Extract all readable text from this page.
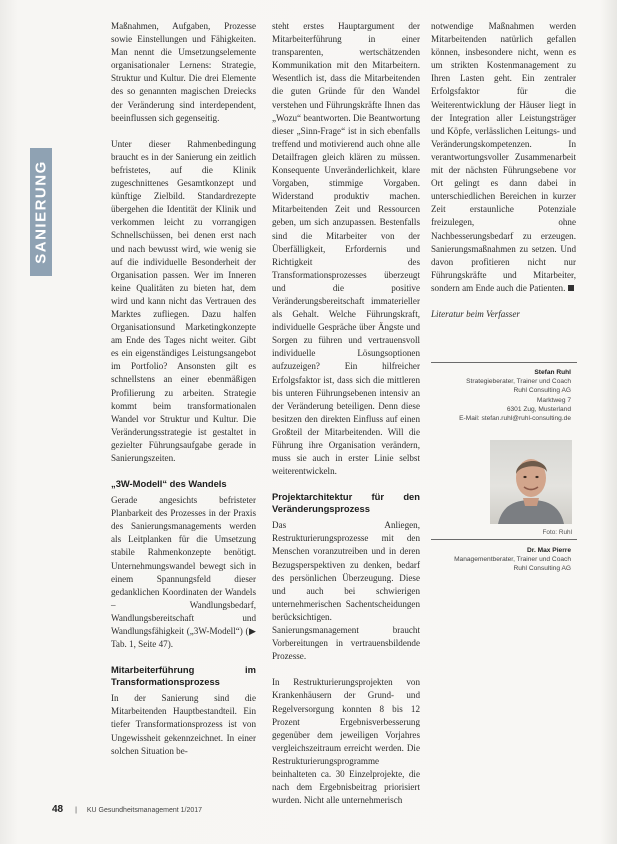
SANIERUNG

Maßnahmen, Aufgaben, Prozesse sowie Einstellungen und Fähigkeiten. Man nennt die Umsetzungselemente organisationaler Lernens: Strategie, Struktur und Kultur. Die drei Elemente des so genannten magischen Dreiecks der Veränderung sind interdependent, beeinflussen sich gegenseitig.

Unter dieser Rahmenbedingung braucht es in der Sanierung ein zeitlich befristetes, auf die Klinik zugeschnittenes Gesamtkonzept und künftige Zielbild. Standardrezepte übergehen die Identität der Klinik und verkommen leicht zu vorrangigen Schnellschüssen, bei denen erst nach und nach bewusst wird, wie wenig sie auf die individuelle Besonderheit der Organisation passen. Wer im Inneren keine Qualitäten zu bieten hat, dem wird und kann nicht das Vertrauen des Marktes zufliegen. Dazu halfen Organisationsund Marketingkonzepte am Ende des Tages nicht weiter. Gibt es ein eigenständiges Leistungsangebot im Portfolio? Ansonsten gilt es schnellstens an einer ebenmäßigen Profilierung zu arbeiten. Strategie kommt beim transformationalen Wandel vor Struktur und Kultur. Die Veränderungsstrategie ist gestaltet in gezielter Führungsaufgabe gerade in Sanierungszeiten.

„3W-Modell“ des Wandels

Gerade angesichts befristeter Planbarkeit des Prozesses in der Praxis des Sanierungsmanagements werden als Leitplanken für die Umsetzung stabile Rahmenkonzepte benötigt. Unternehmungswandel bewegt sich in einem Spannungsfeld dieser gedanklichen Koordinaten der Wandels – Wandlungsbedarf, Wandlungsbereitschaft und Wandlungsfähigkeit („3W-Modell“) (▶ Tab. 1, Seite 47).

Mitarbeiterführung im Transformationsprozess

In der Sanierung sind die Mitarbeitenden Hauptbestandteil. Ein tiefer Transformationsprozess ist von Ungewissheit gekennzeichnet. In einer solchen Situation be-

steht erstes Hauptargument der Mitarbeiterführung in einer transparenten, wertschätzenden Kommunikation mit den Mitarbeitern. Wesentlich ist, dass die Mitarbeitenden die guten Gründe für den Wandel verstehen und Führungskräfte Ihnen das „Wozu“ beantworten. Die Beantwortung dieser „Sinn-Frage“ ist in sich ebenfalls treffend und motivierend auch ohne alle Detailfragen gleich klären zu müssen. Konsequente Unveränderlichkeit, klare Vorgaben, stimmige Vorgaben. Widerstand produktiv machen. Mitarbeitenden Zeit und Ressourcen geben, um sich anzupassen. Bestenfalls sind die Mitarbeiter von der Überfälligkeit, Erfordernis und Richtigkeit des Transformationsprozesses überzeugt und die positive Veränderungsbereitschaft immaterieller als Gehalt. Welche Führungskraft, individuelle Gespräche über Ängste und Sorgen zu führen und vertrauensvoll individuelle Lösungsoptionen aufzuzeigen? Ein hilfreicher Erfolgsfaktor ist, dass sich die mittleren bis unteren Führungsebenen intensiv an der Veränderung beteiligen. Denn diese besitzen den direkten Einfluss auf einen Großteil der Mitarbeitenden. Will die Führung ihre Organisation verändern, muss sie auch in erster Linie selbst weiterentwickeln.

Projektarchitektur für den Veränderungsprozess

Das Anliegen, Restrukturierungsprozesse mit den Menschen voranzutreiben und in deren Bezugsperspektiven zu denken, bedarf des persönlichen Überzeugung. Diese und auch bei schwierigen unternehmerischen Sachentscheidungen berücksichtigen. Sanierungsmanagement braucht Vorbereitungen in vertrauensbildende Prozesse.

In Restrukturierungsprojekten von Krankenhäusern der Grund- und Regelversorgung konnten 8 bis 12 Prozent Ergebnisverbesserung gegenüber dem jeweiligen Vorjahres vergleichszeitraum erreicht werden. Die Restrukturierungsprogramme beinhalteten ca. 30 Einzelprojekte, die nach dem Ergebnisbeitrag priorisiert wurden. Nicht alle unternehmerisch

notwendige Maßnahmen werden Mitarbeitenden natürlich gefallen können, insbesondere nicht, wenn es um strikten Kostenmanagement zu Ihren Lasten geht. Ein zentraler Erfolgsfaktor für die Weiterentwicklung der Häuser liegt in der Integration aller Leistungsträger und Köpfe, verlässlichen Leitungs- und Veränderungskompetenzen. In verantwortungsvoller Zusammenarbeit mit der nächsten Führungsebene vor Ort gelingt es dann dabei in unterschiedlichen Bereichen in kurzer Zeit erstaunliche Potenziale freizulegen, ohne Nachbesserungsbedarf zu erzeugen. Sanierungsmaßnahmen zu setzen. Und davon profitieren nicht nur Führungskräfte und Mitarbeiter, sondern am Ende auch die Patienten.

Literatur beim Verfasser

Stefan Ruhl
Strategieberater, Trainer und Coach
Ruhl Consulting AG
Marktweg 7
6301 Zug, Musterland
E-Mail: stefan.ruhl@ruhl-consulting.de
Foto: Ruhl
Dr. Max Pierre
Managementberater, Trainer und Coach
Ruhl Consulting AG
48 | KU Gesundheitsmanagement 1/2017
